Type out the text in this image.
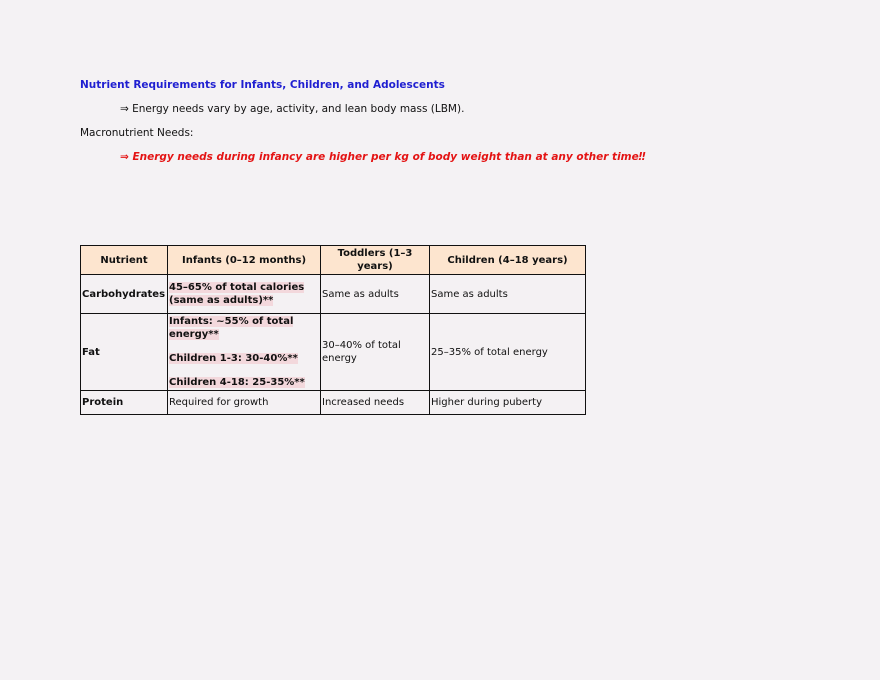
Nutrient Requirements for Infants, Children, and Adolescents
⇒ Energy needs vary by age, activity, and lean body mass (LBM).
Macronutrient Needs:
⇒ Energy needs during infancy are higher per kg of body weight than at any other time‼
Nutrient	Infants (0–12 months)	Toddlers (1–3 years)	Children (4–18 years)
Carbohydrates	45–65% of total calories (same as adults)**	Same as adults	Same as adults
Fat	Infants: ~55% of total energy**
Children 1-3: 30-40%**
Children 4-18: 25-35%**	30–40% of total energy	25–35% of total energy
Protein	Required for growth	Increased needs	Higher during puberty
